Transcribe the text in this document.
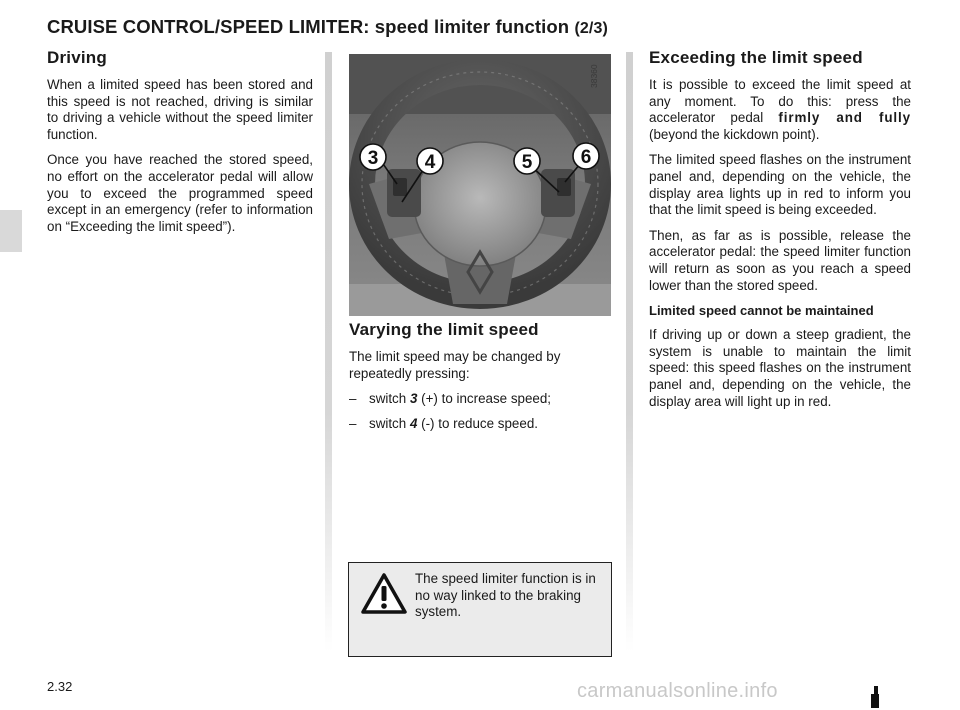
CRUISE CONTROL/SPEED LIMITER: speed limiter function (2/3)
Driving

When a limited speed has been stored and this speed is not reached, driving is similar to driving a vehicle without the speed limiter function.

Once you have reached the stored speed, no effort on the accelerator pedal will allow you to exceed the programmed speed except in an emergency (refer to information on “Exceeding the limit speed”).

3 4	5	6
38360
Varying the limit speed

The limit speed may be changed by repeatedly pressing:

– switch 3 (+) to increase speed;
– switch 4 (-) to reduce speed.

The speed limiter function is in no way linked to the braking system.

Exceeding the limit speed

It is possible to exceed the limit speed at any moment. To do this: press the accelerator pedal firmly and fully (beyond the kickdown point).

The limited speed flashes on the instrument panel and, depending on the vehicle, the display area lights up in red to inform you that the limit speed is being exceeded.

Then, as far as is possible, release the accelerator pedal: the speed limiter function will return as soon as you reach a speed lower than the stored speed.

Limited speed cannot be maintained

If driving up or down a steep gradient, the system is unable to maintain the limit speed: this speed flashes on the instrument panel and, depending on the vehicle, the display area will light up in red.

2.32	carmanualsonline.info
